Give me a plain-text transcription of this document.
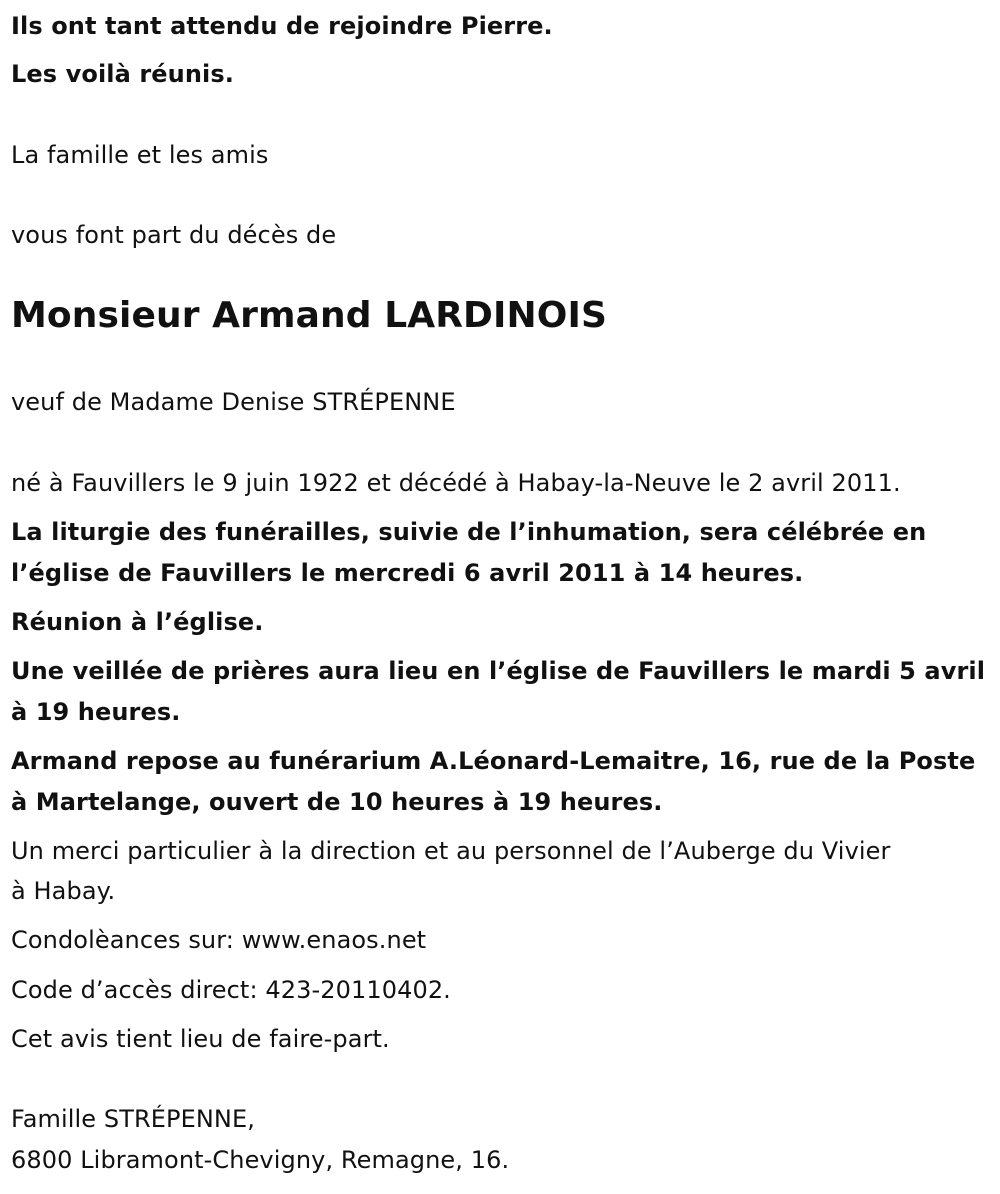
Ils ont tant attendu de rejoindre Pierre.

Les voilà réunis.

La famille et les amis

vous font part du décès de

Monsieur Armand LARDINOIS

veuf de Madame Denise STRÉPENNE

né à Fauvillers le 9 juin 1922 et décédé à Habay-la-Neuve le 2 avril 2011.

La liturgie des funérailles, suivie de l’inhumation, sera célébrée en

l’église de Fauvillers le mercredi 6 avril 2011 à 14 heures.

Réunion à l’église.

Une veillée de prières aura lieu en l’église de Fauvillers le mardi 5 avril

à 19 heures.

Armand repose au funérarium A.Léonard-Lemaitre, 16, rue de la Poste

à Martelange, ouvert de 10 heures à 19 heures.

Un merci particulier à la direction et au personnel de l’Auberge du Vivier

à Habay.

Condolèances sur: www.enaos.net

Code d’accès direct: 423-20110402.

Cet avis tient lieu de faire-part.

Famille STRÉPENNE,

6800 Libramont-Chevigny, Remagne, 16.
